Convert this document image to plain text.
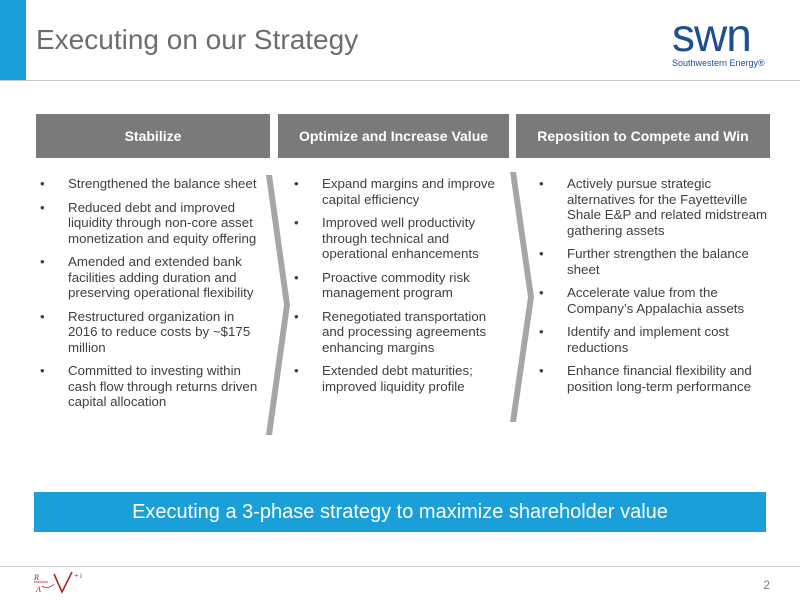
Executing on our Strategy	swn
Southwestern Energy®
Stabilize	Optimize and Increase Value	Reposition to Compete and Win
• Strengthened the balance sheet
• Reduced debt and improved liquidity through non-core asset monetization and equity offering
• Amended and extended bank facilities adding duration and preserving operational flexibility
• Restructured organization in 2016 to reduce costs by ~$175 million
• Committed to investing within cash flow through returns driven capital allocation
• Expand margins and improve capital efficiency
• Improved well productivity through technical and operational enhancements
• Proactive commodity risk management program
• Renegotiated transportation and processing agreements enhancing margins
• Extended debt maturities; improved liquidity profile
• Actively pursue strategic alternatives for the Fayetteville Shale E&P and related midstream gathering assets
• Further strengthen the balance sheet
• Accelerate value from the Company’s Appalachia assets
• Identify and implement cost reductions
• Enhance financial flexibility and position long-term performance
Executing a 3-phase strategy to maximize shareholder value
R
A
+ i
2
